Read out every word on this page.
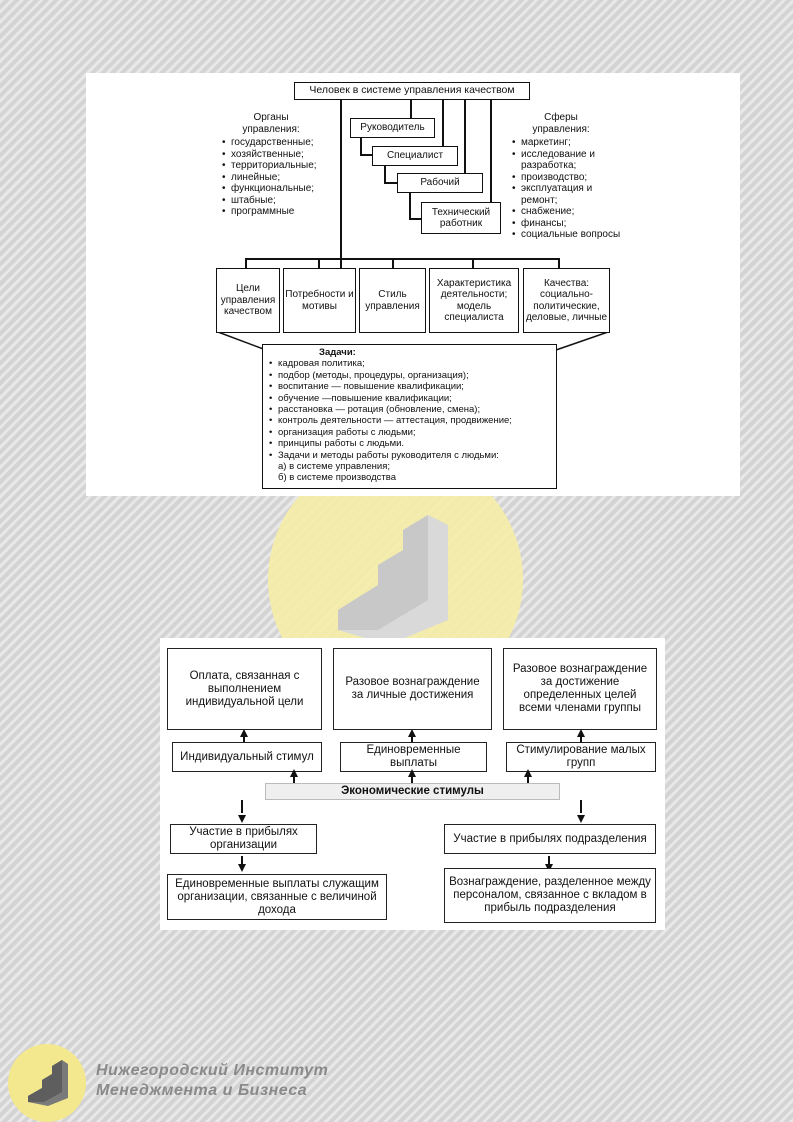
Человек в системе управления качеством
Руководитель
Специалист
Рабочий
Технический работник
Органы управления:
• государственные;
• хозяйственные;
• территориальные;
• линейные;
• функциональные;
• штабные;
• программные
Сферы управления:
• маркетинг;
• исследование и разработка;
• производство;
• эксплуатация и ремонт;
• снабжение;
• финансы;
• социальные вопросы
Цели управления качеством
Потребности и мотивы
Стиль управления
Характеристика деятельности; модель специалиста
Качества: социально-политические, деловые, личные
Задачи:
• кадровая политика;
• подбор (методы, процедуры, организация);
• воспитание — повышение квалификации;
• обучение —повышение квалификации;
• расстановка — ротация (обновление, смена);
• контроль деятельности — аттестация, продвижение;
• организация работы с людьми;
• принципы работы с людьми.
• Задачи и методы работы руководителя с людьми:
а) в системе управления;
б) в системе производства
Оплата, связанная с выполнением индивидуальной цели
Разовое вознаграждение за личные достижения
Разовое вознаграждение за достижение определенных целей всеми членами группы
Индивидуальный стимул
Единовременные выплаты
Стимулирование малых групп
Экономические стимулы
Участие в прибылях организации
Участие в прибылях подразделения
Единовременные выплаты служащим организации, связанные с величиной дохода
Вознаграждение, разделенное между персоналом, связанное с вкладом в прибыль подразделения
Нижегородский Институт
Менеджмента и Бизнеса
